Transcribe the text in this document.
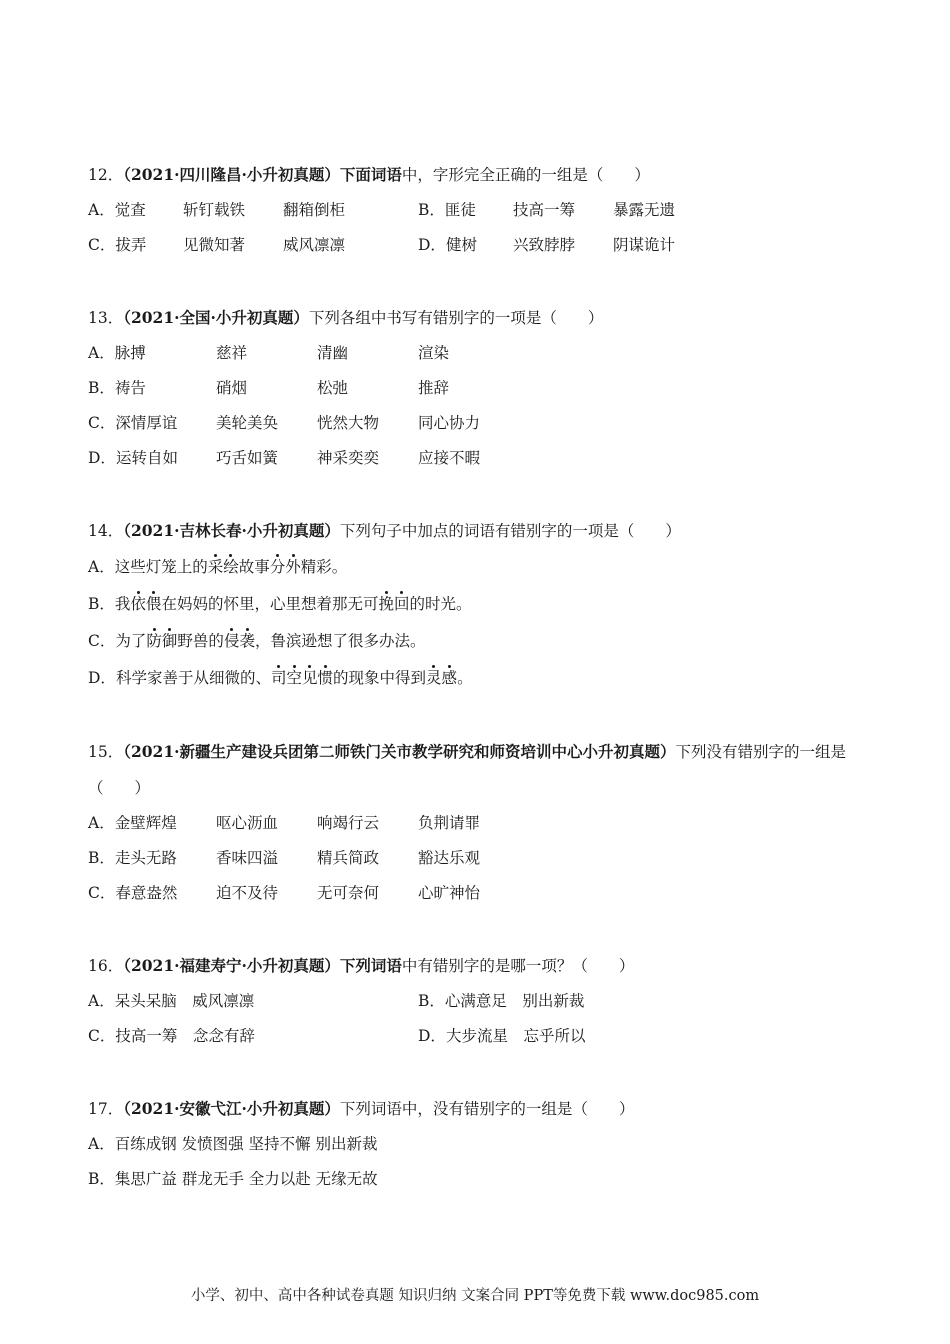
12．（2021·四川隆昌·小升初真题）下面词语中，字形完全正确的一组是（　　）
A．觉查 斩钉载铁 翻箱倒柜	B．匪徒 技高一筹 暴露无遗
C．拔弄 见微知著 威风凛凛	D．健树 兴致脖脖 阴谋诡计
13．（2021·全国·小升初真题）下列各组中书写有错别字的一项是（　　）
A．脉搏	慈祥	清幽	渲染
B．祷告	硝烟	松弛	推辞
C．深情厚谊 美轮美奂	恍然大物	同心协力
D．运转自如 巧舌如簧	神采奕奕	应接不暇
14．（2021·吉林长春·小升初真题）下列句子中加点的词语有错别字的一项是（　　）
A．这些灯笼上的采绘故事分外精彩。
B．我依偎在妈妈的怀里，心里想着那无可挽回的时光。
C．为了防御野兽的侵袭，鲁滨逊想了很多办法。
D．科学家善于从细微的、司空见惯的现象中得到灵感。
15．（2021·新疆生产建设兵团第二师铁门关市教学研究和师资培训中心小升初真题）下列没有错别字的一组是（　　）
A．金壁辉煌	呕心沥血	响竭行云	负荆请罪
B．走头无路	香味四溢	精兵简政	豁达乐观
C．春意盎然 迫不及待	无可奈何	心旷神怡
16．（2021·福建寿宁·小升初真题）下列词语中有错别字的是哪一项？（　　）
A．呆头呆脑　威风凛凛	B．心满意足　别出新裁
C．技高一筹　念念有辞	D．大步流星　忘乎所以
17．（2021·安徽弋江·小升初真题）下列词语中，没有错别字的一组是（　　）
A．百练成钢 发愤图强 坚持不懈 别出新裁
B．集思广益 群龙无手 全力以赴 无缘无故
小学、初中、高中各种试卷真题 知识归纳 文案合同 PPT等免费下载 www.doc985.com
